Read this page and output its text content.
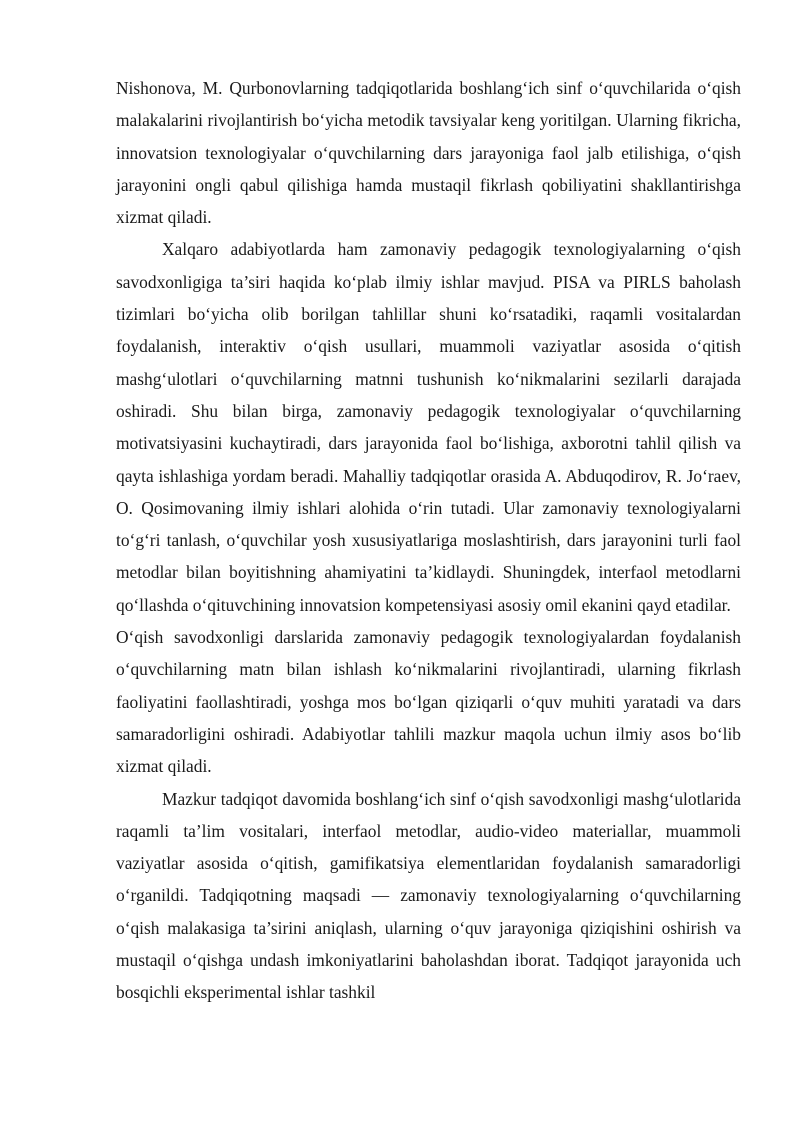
Nishonova, M. Qurbonovlarning tadqiqotlarida boshlang‘ich sinf o‘quvchilarida o‘qish malakalarini rivojlantirish bo‘yicha metodik tavsiyalar keng yoritilgan. Ularning fikricha, innovatsion texnologiyalar o‘quvchilarning dars jarayoniga faol jalb etilishiga, o‘qish jarayonini ongli qabul qilishiga hamda mustaqil fikrlash qobiliyatini shakllantirishga xizmat qiladi.

Xalqaro adabiyotlarda ham zamonaviy pedagogik texnologiyalarning o‘qish savodxonligiga ta’siri haqida ko‘plab ilmiy ishlar mavjud. PISA va PIRLS baholash tizimlari bo‘yicha olib borilgan tahlillar shuni ko‘rsatadiki, raqamli vositalardan foydalanish, interaktiv o‘qish usullari, muammoli vaziyatlar asosida o‘qitish mashg‘ulotlari o‘quvchilarning matnni tushunish ko‘nikmalarini sezilarli darajada oshiradi. Shu bilan birga, zamonaviy pedagogik texnologiyalar o‘quvchilarning motivatsiyasini kuchaytiradi, dars jarayonida faol bo‘lishiga, axborotni tahlil qilish va qayta ishlashiga yordam beradi. Mahalliy tadqiqotlar orasida A. Abduqodirov, R. Jo‘raev, O. Qosimovaning ilmiy ishlari alohida o‘rin tutadi. Ular zamonaviy texnologiyalarni to‘g‘ri tanlash, o‘quvchilar yosh xususiyatlariga moslashtirish, dars jarayonini turli faol metodlar bilan boyitishning ahamiyatini ta’kidlaydi. Shuningdek, interfaol metodlarni qo‘llashda o‘qituvchining innovatsion kompetensiyasi asosiy omil ekanini qayd etadilar.

O‘qish savodxonligi darslarida zamonaviy pedagogik texnologiyalardan foydalanish o‘quvchilarning matn bilan ishlash ko‘nikmalarini rivojlantiradi, ularning fikrlash faoliyatini faollashtiradi, yoshga mos bo‘lgan qiziqarli o‘quv muhiti yaratadi va dars samaradorligini oshiradi. Adabiyotlar tahlili mazkur maqola uchun ilmiy asos bo‘lib xizmat qiladi.

Mazkur tadqiqot davomida boshlang‘ich sinf o‘qish savodxonligi mashg‘ulotlarida raqamli ta’lim vositalari, interfaol metodlar, audio-video materiallar, muammoli vaziyatlar asosida o‘qitish, gamifikatsiya elementlaridan foydalanish samaradorligi o‘rganildi. Tadqiqotning maqsadi — zamonaviy texnologiyalarning o‘quvchilarning o‘qish malakasiga ta’sirini aniqlash, ularning o‘quv jarayoniga qiziqishini oshirish va mustaqil o‘qishga undash imkoniyatlarini baholashdan iborat. Tadqiqot jarayonida uch bosqichli eksperimental ishlar tashkil
